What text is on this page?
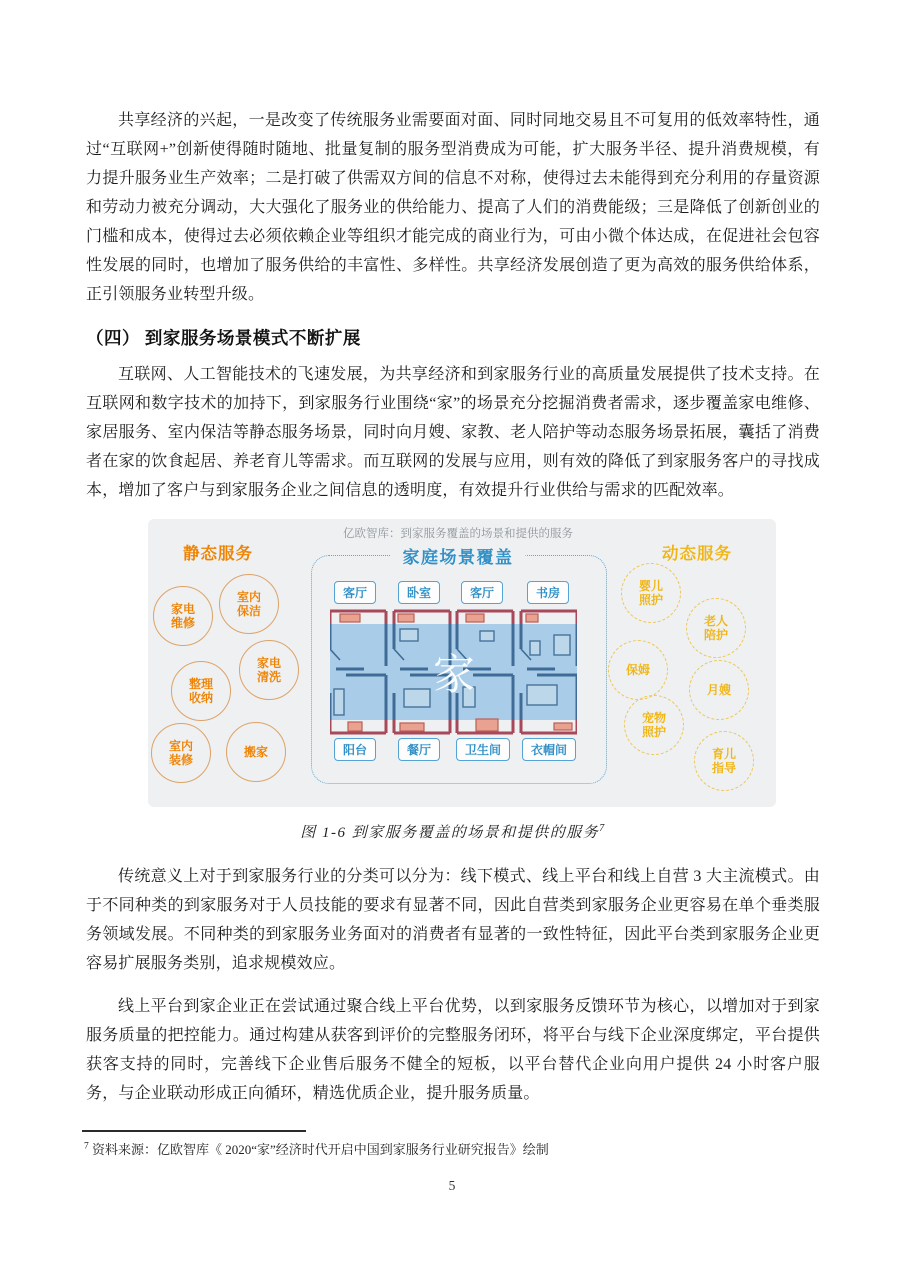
共享经济的兴起，一是改变了传统服务业需要面对面、同时同地交易且不可复用的低效率特性，通过“互联网+”创新使得随时随地、批量复制的服务型消费成为可能，扩大服务半径、提升消费规模，有力提升服务业生产效率；二是打破了供需双方间的信息不对称，使得过去未能得到充分利用的存量资源和劳动力被充分调动，大大强化了服务业的供给能力、提高了人们的消费能级；三是降低了创新创业的门槛和成本，使得过去必须依赖企业等组织才能完成的商业行为，可由小微个体达成，在促进社会包容性发展的同时，也增加了服务供给的丰富性、多样性。共享经济发展创造了更为高效的服务供给体系，正引领服务业转型升级。

（四） 到家服务场景模式不断扩展

互联网、人工智能技术的飞速发展，为共享经济和到家服务行业的高质量发展提供了技术支持。在互联网和数字技术的加持下，到家服务行业围绕“家”的场景充分挖掘消费者需求，逐步覆盖家电维修、家居服务、室内保洁等静态服务场景，同时向月嫂、家教、老人陪护等动态服务场景拓展，囊括了消费者在家的饮食起居、养老育儿等需求。而互联网的发展与应用，则有效的降低了到家服务客户的寻找成本，增加了客户与到家服务企业之间信息的透明度，有效提升行业供给与需求的匹配效率。

亿欧智库：到家服务覆盖的场景和提供的服务
静态服务	动态服务
家庭场景覆盖
家电维修
室内保洁
家电清洗
整理收纳
室内装修
搬家
婴儿照护
老人陪护
保姆
月嫂
宠物照护
育儿指导
客厅	卧室	客厅	书房
家
阳台	餐厅	卫生间	衣帽间
图 1-6 到家服务覆盖的场景和提供的服务$^7$

传统意义上对于到家服务行业的分类可以分为：线下模式、线上平台和线上自营 3 大主流模式。由于不同种类的到家服务对于人员技能的要求有显著不同，因此自营类到家服务企业更容易在单个垂类服务领域发展。不同种类的到家服务业务面对的消费者有显著的一致性特征，因此平台类到家服务企业更容易扩展服务类别，追求规模效应。

线上平台到家企业正在尝试通过聚合线上平台优势，以到家服务反馈环节为核心，以增加对于到家服务质量的把控能力。通过构建从获客到评价的完整服务闭环，将平台与线下企业深度绑定，平台提供获客支持的同时，完善线下企业售后服务不健全的短板，以平台替代企业向用户提供 24 小时客户服务，与企业联动形成正向循环，精选优质企业，提升服务质量。

$^7$ 资料来源：亿欧智库《 2020“家”经济时代开启中国到家服务行业研究报告》绘制
5
